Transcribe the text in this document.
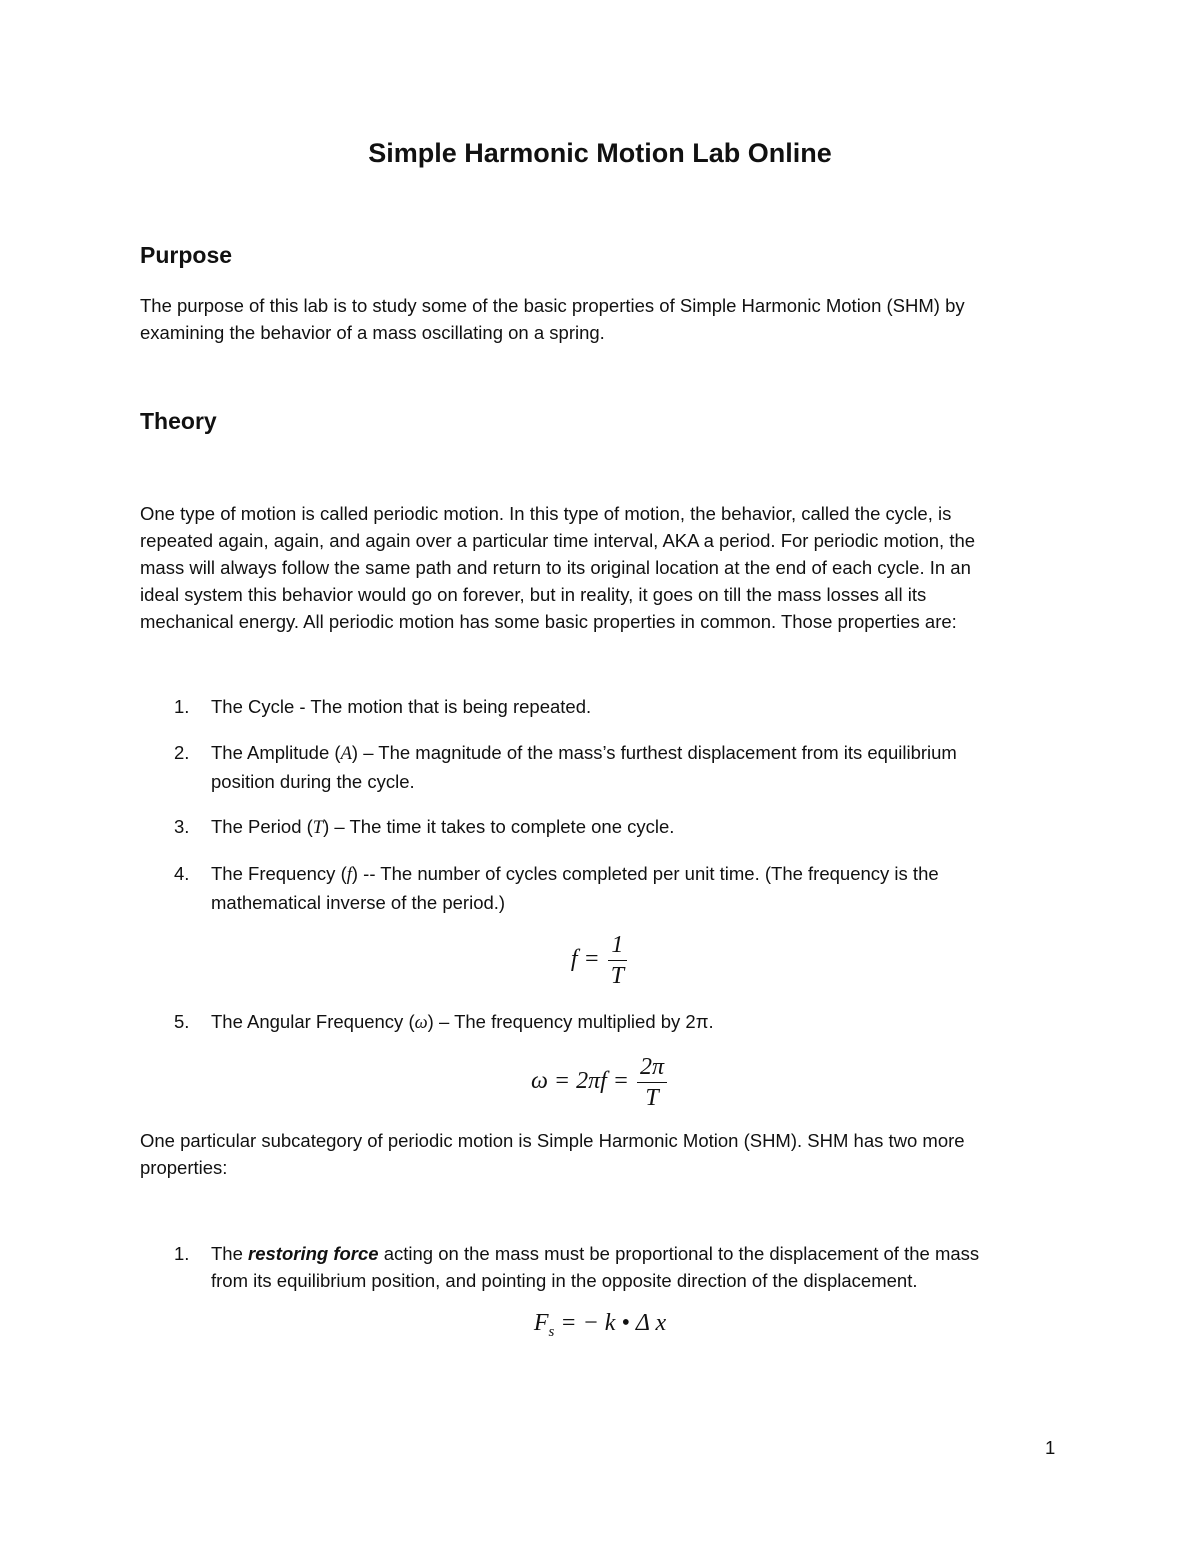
Simple Harmonic Motion Lab Online
Purpose
The purpose of this lab is to study some of the basic properties of Simple Harmonic Motion (SHM) by
examining the behavior of a mass oscillating on a spring.
Theory
One type of motion is called periodic motion. In this type of motion, the behavior, called the cycle, is
repeated again, again, and again over a particular time interval, AKA a period. For periodic motion, the
mass will always follow the same path and return to its original location at the end of each cycle. In an
ideal system this behavior would go on forever, but in reality, it goes on till the mass losses all its
mechanical energy. All periodic motion has some basic properties in common. Those properties are:
1. The Cycle - The motion that is being repeated.
2. The Amplitude (A) – The magnitude of the mass’s furthest displacement from its equilibrium
position during the cycle.
3. The Period (T) – The time it takes to complete one cycle.
4. The Frequency (f) -- The number of cycles completed per unit time. (The frequency is the
mathematical inverse of the period.)
$f = \frac{1}{T}$
5. The Angular Frequency (ω) – The frequency multiplied by 2π.
$\omega = 2\pi f = \frac{2\pi}{T}$
One particular subcategory of periodic motion is Simple Harmonic Motion (SHM). SHM has two more
properties:
1. The restoring force acting on the mass must be proportional to the displacement of the mass
from its equilibrium position, and pointing in the opposite direction of the displacement.
$F_s$ = − k • Δ x
1
